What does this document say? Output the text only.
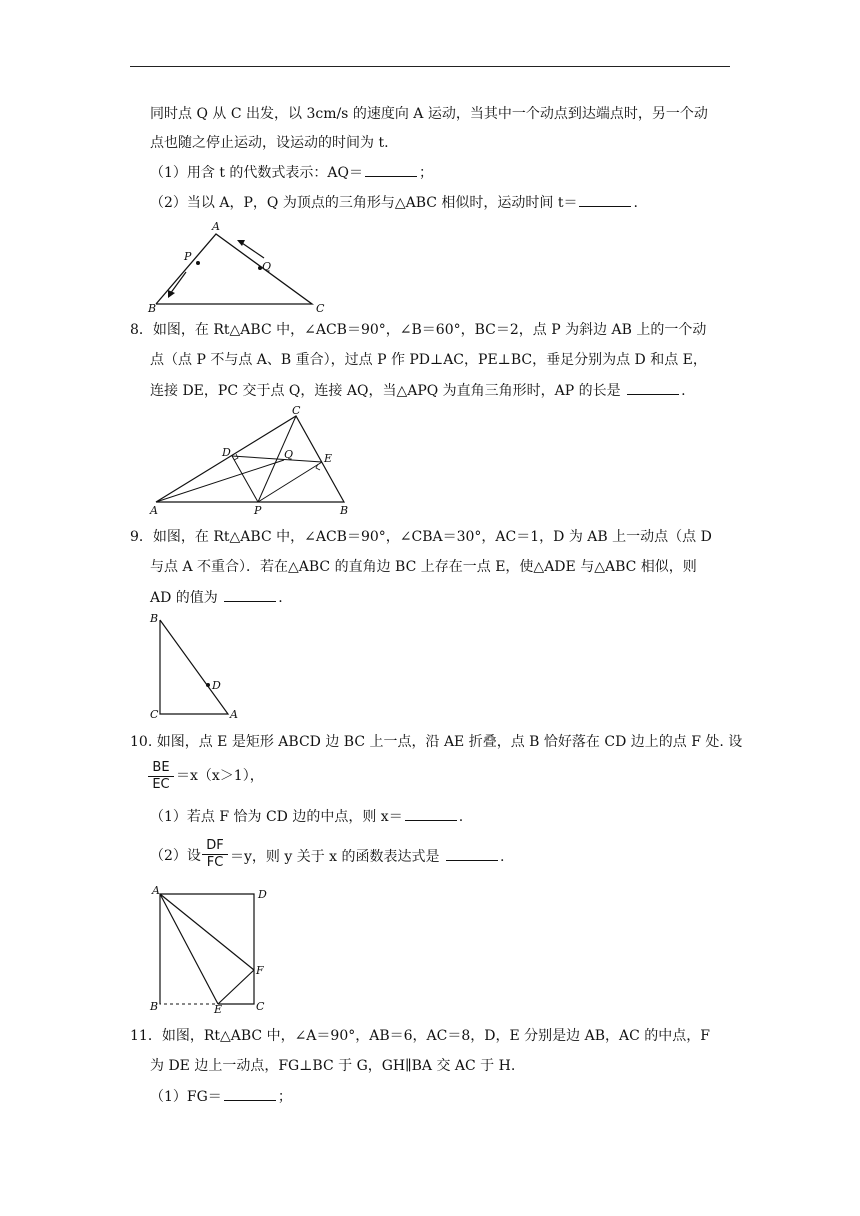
同时点 Q 从 C 出发，以 3cm/s 的速度向 A 运动，当其中一个动点到达端点时，另一个动
点也随之停止运动，设运动的时间为 t.
（1）用含 t 的代数式表示：AQ＝	；
（2）当以 A，P，Q 为顶点的三角形与△ABC 相似时，运动时间 t＝	.
A
B	C
P
Q
8．如图，在 Rt△ABC 中，∠ACB＝90°，∠B＝60°，BC＝2，点 P 为斜边 AB 上的一个动
点（点 P 不与点 A、B 重合），过点 P 作 PD⊥AC，PE⊥BC，垂足分别为点 D 和点 E，
连接 DE，PC 交于点 Q，连接 AQ，当△APQ 为直角三角形时，AP 的长是	.
C
D	Q	E
A	P	B
9．如图，在 Rt△ABC 中，∠ACB＝90°，∠CBA＝30°，AC＝1，D 为 AB 上一动点（点 D
与点 A 不重合）．若在△ABC 的直角边 BC 上存在一点 E，使△ADE 与△ABC 相似，则
AD 的值为	.
B
C	A
D
10. 如图，点 E 是矩形 ABCD 边 BC 上一点，沿 AE 折叠，点 B 恰好落在 CD 边上的点 F 处. 设
$\frac{BE}{EC} =x(x>1)$，
（1）若点 F 恰为 CD 边的中点，则 x＝	.
（2）设 $\frac{DF}{FC} =y$，则 y 关于 x 的函数表达式是	.
A	D
F
B	E	C
11．如图，Rt△ABC 中，∠A＝90°，AB＝6，AC＝8，D，E 分别是边 AB，AC 的中点，F
为 DE 边上一动点，FG⊥BC 于 G，GH∥BA 交 AC 于 H.
（1）FG＝	；
